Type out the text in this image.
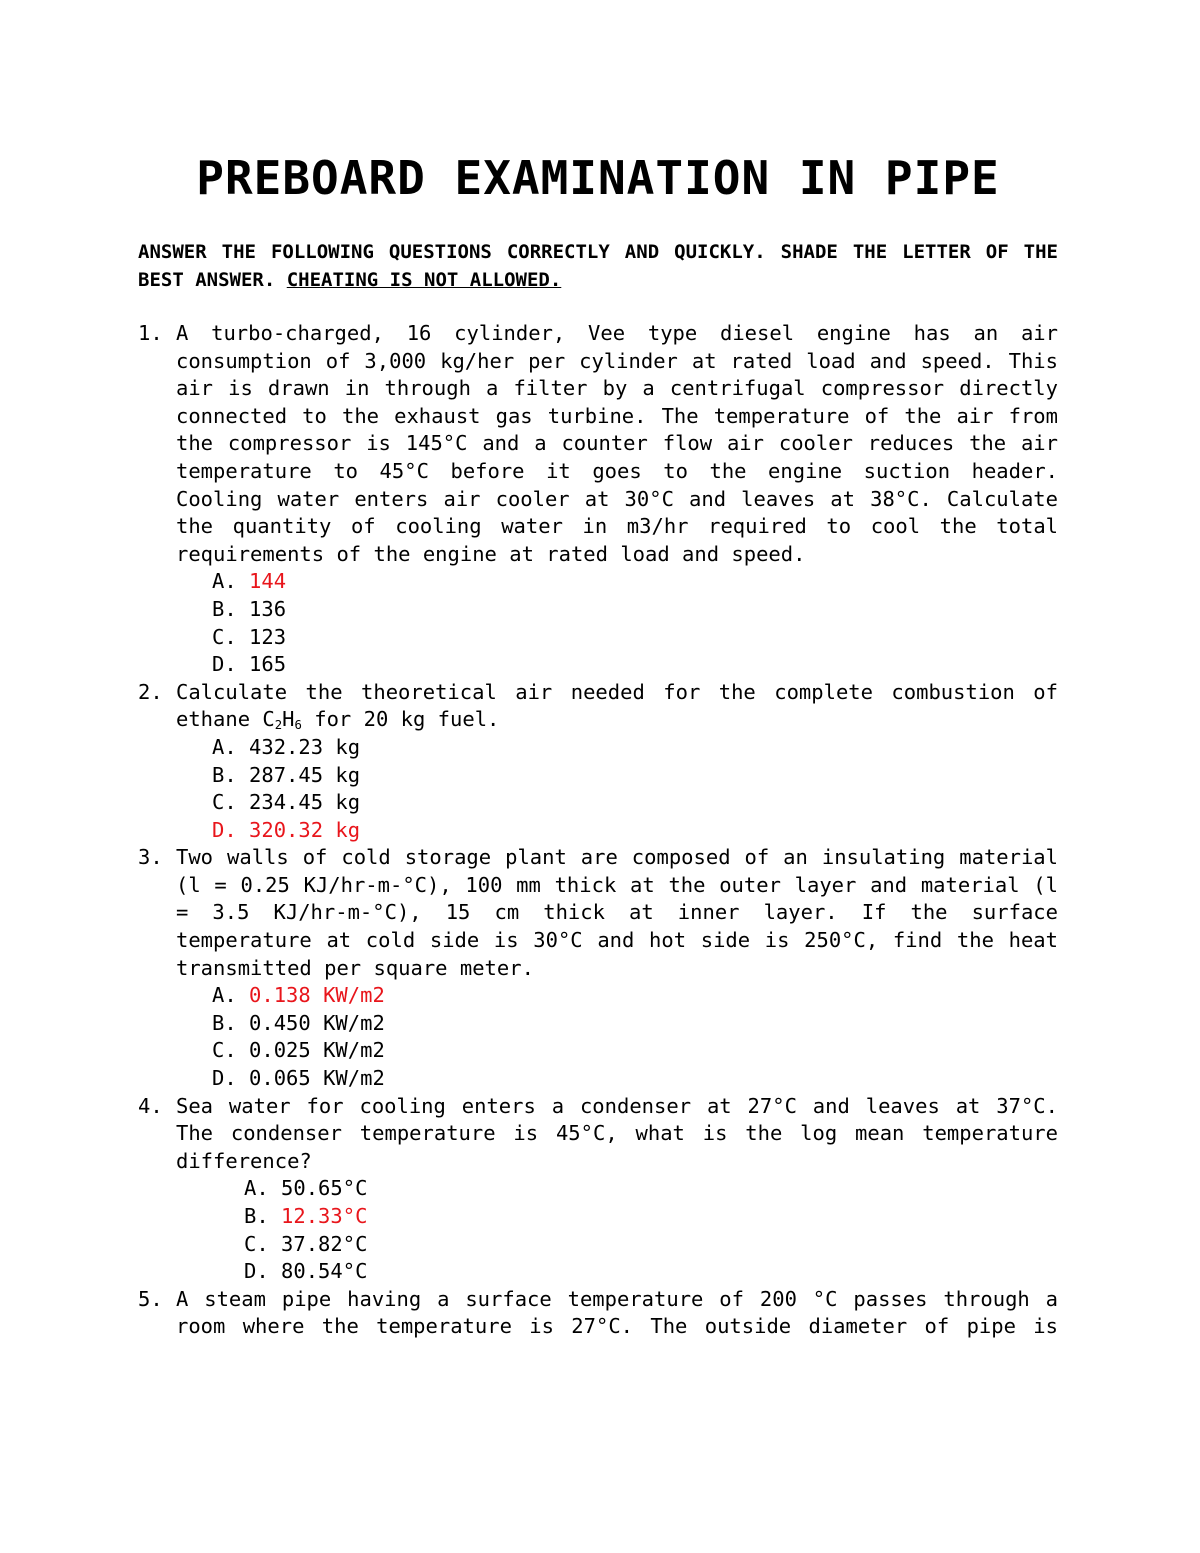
PREBOARD EXAMINATION IN PIPE

ANSWER THE FOLLOWING QUESTIONS CORRECTLY AND QUICKLY. SHADE THE LETTER OF THE BEST ANSWER. CHEATING IS NOT ALLOWED.

1. A turbo-charged, 16 cylinder, Vee type diesel engine has an air consumption of 3,000 kg/her per cylinder at rated load and speed. This air is drawn in through a filter by a centrifugal compressor directly connected to the exhaust gas turbine. The temperature of the air from the compressor is 145°C and a counter flow air cooler reduces the air temperature to 45°C before it goes to the engine suction header. Cooling water enters air cooler at 30°C and leaves at 38°C. Calculate the quantity of cooling water in m3/hr required to cool the total requirements of the engine at rated load and speed.
A. 144
B. 136
C. 123
D. 165
2. Calculate the theoretical air needed for the complete combustion of ethane $C_2H_6$ for 20 kg fuel.
A. 432.23 kg
B. 287.45 kg
C. 234.45 kg
D. 320.32 kg
3. Two walls of cold storage plant are composed of an insulating material (l = 0.25 KJ/hr-m-°C), 100 mm thick at the outer layer and material (l = 3.5 KJ/hr-m-°C), 15 cm thick at inner layer. If the surface temperature at cold side is 30°C and hot side is 250°C, find the heat transmitted per square meter.
A. 0.138 KW/m2
B. 0.450 KW/m2
C. 0.025 KW/m2
D. 0.065 KW/m2
4. Sea water for cooling enters a condenser at 27°C and leaves at 37°C. The condenser temperature is 45°C, what is the log mean temperature difference?
A. 50.65°C
B. 12.33°C
C. 37.82°C
D. 80.54°C
5. A steam pipe having a surface temperature of 200 °C passes through a room where the temperature is 27°C. The outside diameter of pipe is
